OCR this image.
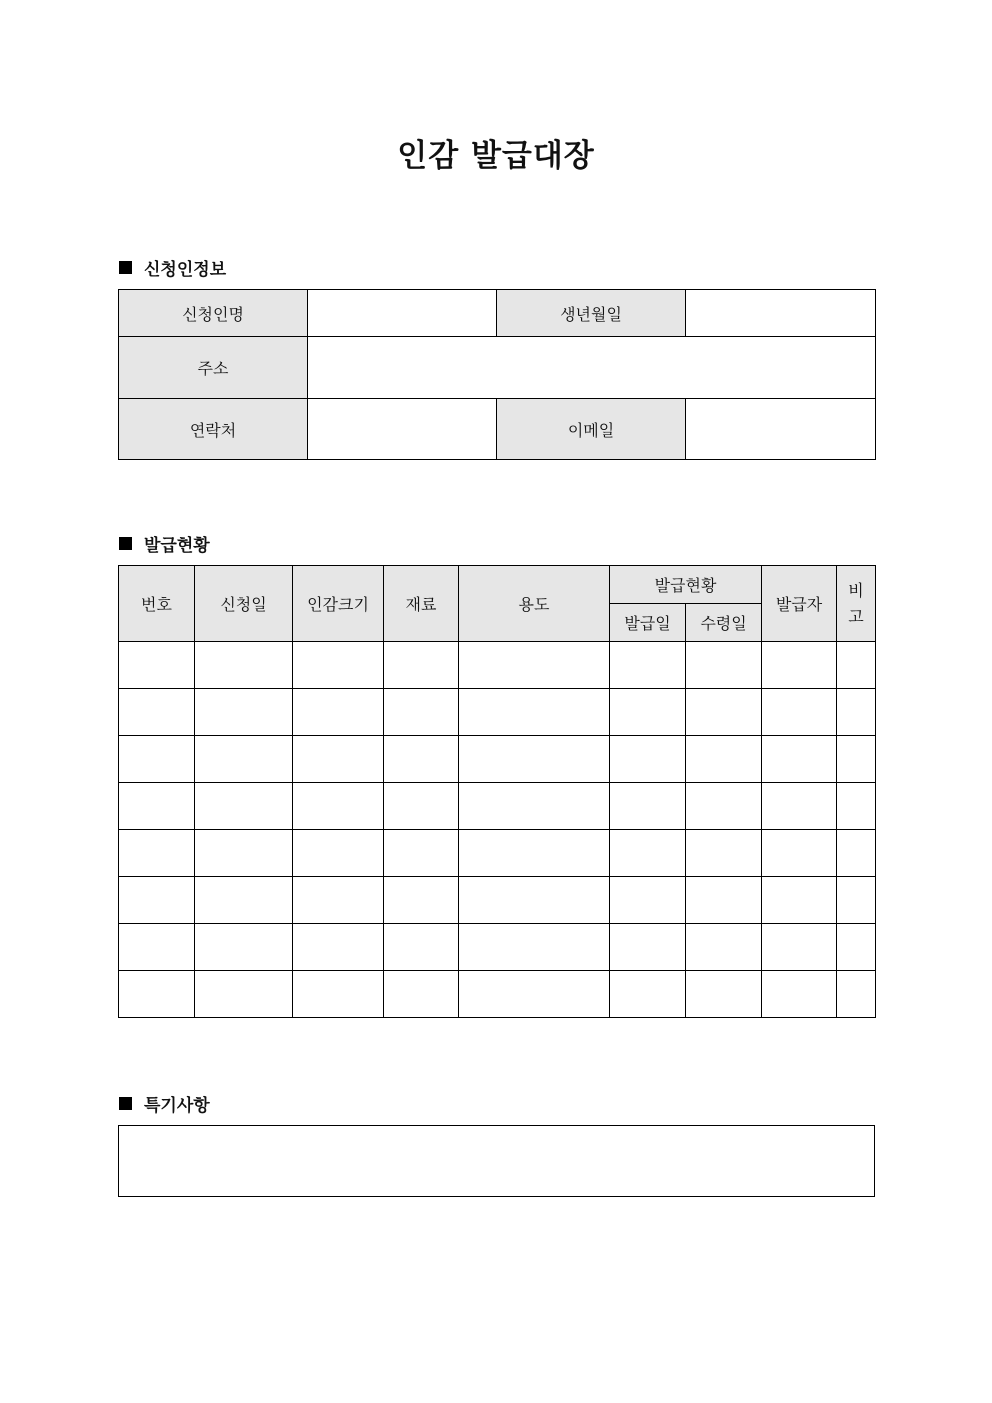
인감 발급대장
신청인정보
신청인명		생년월일	
주소			
연락처		이메일	
발급현황
번호	신청일	인감크기	재료	용도	발급현황		발급자	비
고
					발급일	수령일		

특기사항
